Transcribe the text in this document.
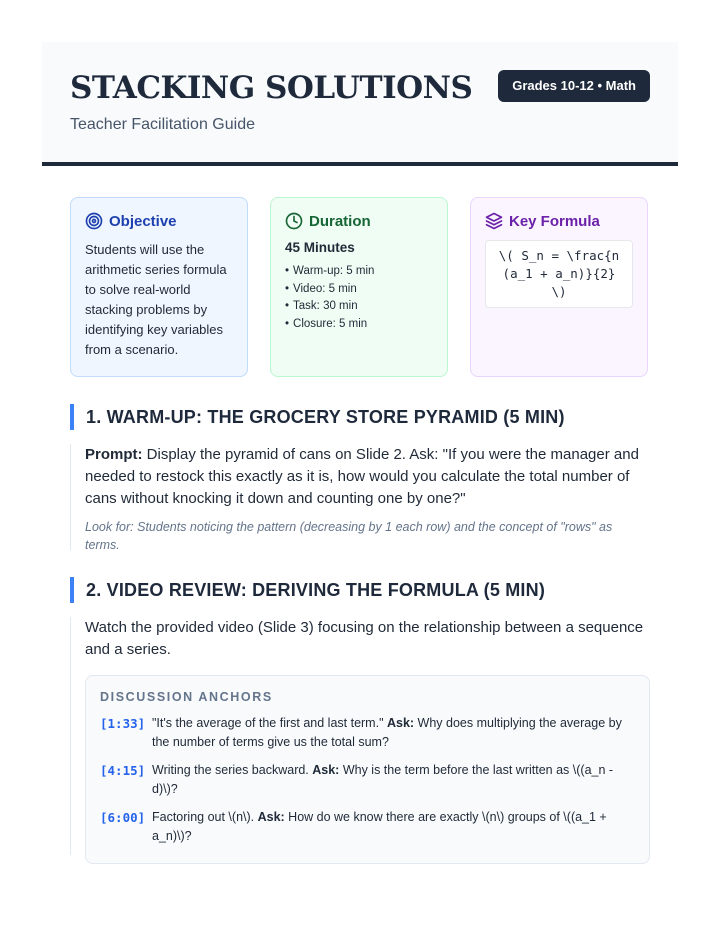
STACKING SOLUTIONS
Teacher Facilitation Guide
Grades 10-12 • Math
Objective

Students will use the arithmetic series formula to solve real-world stacking problems by identifying key variables from a scenario.

Duration

45 Minutes

• Warm-up: 5 min
• Video: 5 min
• Task: 30 min
• Closure: 5 min
Key Formula
\( S_n = \frac{n(a_1 + a_n)}{2} \)
1. WARM-UP: THE GROCERY STORE PYRAMID (5 MIN)

Prompt: Display the pyramid of cans on Slide 2. Ask: "If you were the manager and needed to restock this exactly as it is, how would you calculate the total number of cans without knocking it down and counting one by one?"

Look for: Students noticing the pattern (decreasing by 1 each row) and the concept of "rows" as terms.

2. VIDEO REVIEW: DERIVING THE FORMULA (5 MIN)

Watch the provided video (Slide 3) focusing on the relationship between a sequence and a series.

DISCUSSION ANCHORS

[1:33] "It's the average of the first and last term." Ask: Why does multiplying the average by the number of terms give us the total sum?
[4:15] Writing the series backward. Ask: Why is the term before the last written as \((a_n - d)\)?
[6:00] Factoring out \(n\). Ask: How do we know there are exactly \(n\) groups of \((a_1 + a_n)\)?
